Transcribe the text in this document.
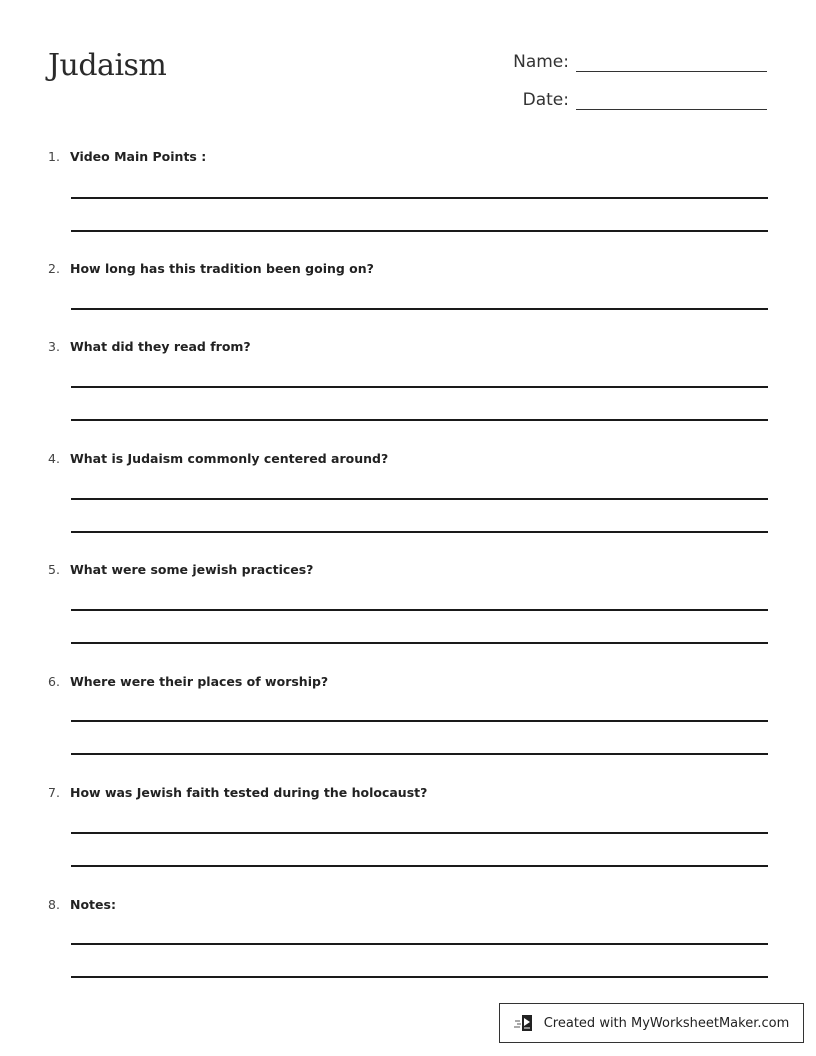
Judaism	Name:
Date:
1. Video Main Points :
2. How long has this tradition been going on?
3. What did they read from?
4. What is Judaism commonly centered around?
5. What were some jewish practices?
6. Where were their places of worship?
7. How was Jewish faith tested during the holocaust?
8. Notes:
Created with MyWorksheetMaker.com
